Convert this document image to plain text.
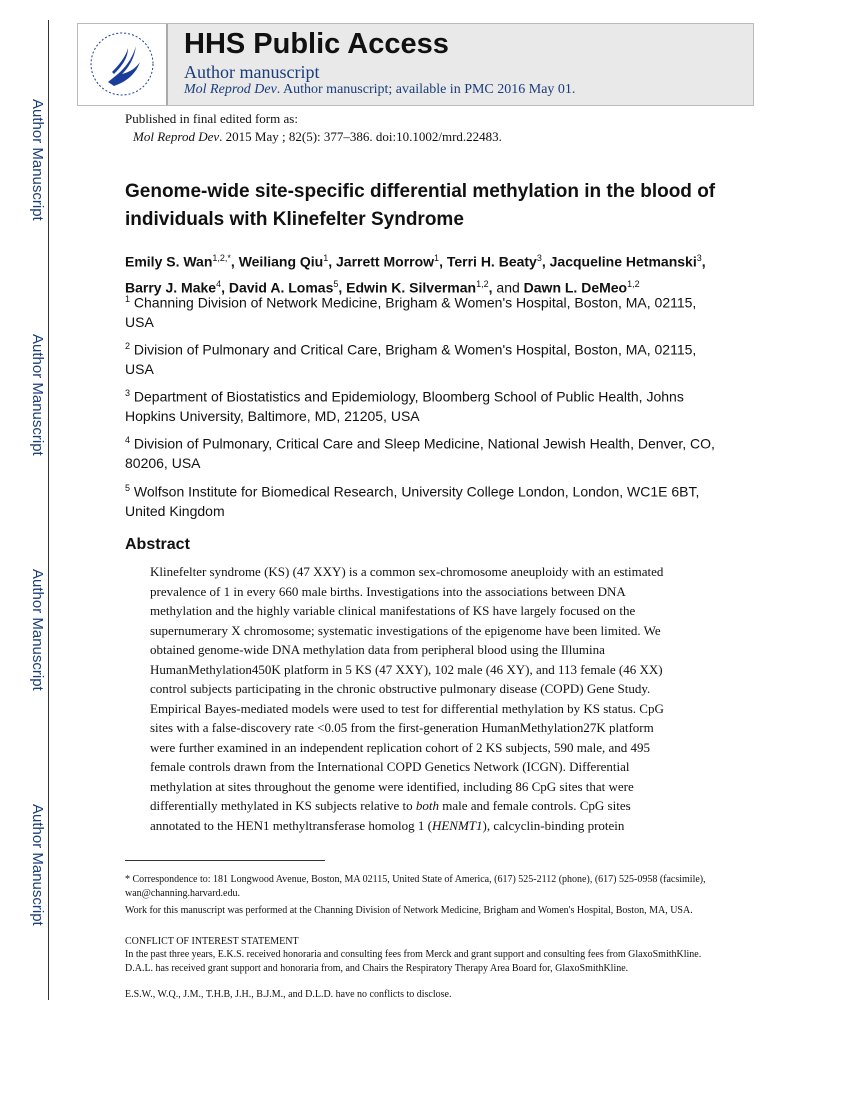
Author Manuscript
Author Manuscript
Author Manuscript
Author Manuscript
HHS Public Access
Author manuscript
Mol Reprod Dev. Author manuscript; available in PMC 2016 May 01.
Published in final edited form as:
Mol Reprod Dev. 2015 May ; 82(5): 377–386. doi:10.1002/mrd.22483.
Genome-wide site-specific differential methylation in the blood of individuals with Klinefelter Syndrome
Emily S. Wan$^{1,2,*}$, Weiliang Qiu$^1$, Jarrett Morrow$^1$, Terri H. Beaty$^3$, Jacqueline Hetmanski$^3$,
Barry J. Make$^4$, David A. Lomas$^5$, Edwin K. Silverman$^{1,2}$, and Dawn L. DeMeo$^{1,2}$
$^1$ Channing Division of Network Medicine, Brigham & Women's Hospital, Boston, MA, 02115, USA
$^2$ Division of Pulmonary and Critical Care, Brigham & Women's Hospital, Boston, MA, 02115, USA
$^3$ Department of Biostatistics and Epidemiology, Bloomberg School of Public Health, Johns Hopkins University, Baltimore, MD, 21205, USA
$^4$ Division of Pulmonary, Critical Care and Sleep Medicine, National Jewish Health, Denver, CO, 80206, USA
$^5$ Wolfson Institute for Biomedical Research, University College London, London, WC1E 6BT, United Kingdom
Abstract
Klinefelter syndrome (KS) (47 XXY) is a common sex-chromosome aneuploidy with an estimated
prevalence of 1 in every 660 male births. Investigations into the associations between DNA
methylation and the highly variable clinical manifestations of KS have largely focused on the
supernumerary X chromosome; systematic investigations of the epigenome have been limited. We
obtained genome-wide DNA methylation data from peripheral blood using the Illumina
HumanMethylation450K platform in 5 KS (47 XXY), 102 male (46 XY), and 113 female (46 XX)
control subjects participating in the chronic obstructive pulmonary disease (COPD) Gene Study.
Empirical Bayes-mediated models were used to test for differential methylation by KS status. CpG
sites with a false-discovery rate <0.05 from the first-generation HumanMethylation27K platform
were further examined in an independent replication cohort of 2 KS subjects, 590 male, and 495
female controls drawn from the International COPD Genetics Network (ICGN). Differential
methylation at sites throughout the genome were identified, including 86 CpG sites that were
differentially methylated in KS subjects relative to both male and female controls. CpG sites
annotated to the HEN1 methyltransferase homolog 1 (HENMT1), calcyclin-binding protein
* Correspondence to: 181 Longwood Avenue, Boston, MA 02115, United State of America, (617) 525-2112 (phone), (617) 525-0958 (facsimile), wan@channing.harvard.edu.
Work for this manuscript was performed at the Channing Division of Network Medicine, Brigham and Women's Hospital, Boston, MA, USA.
CONFLICT OF INTEREST STATEMENT
In the past three years, E.K.S. received honoraria and consulting fees from Merck and grant support and consulting fees from GlaxoSmithKline. D.A.L. has received grant support and honoraria from, and Chairs the Respiratory Therapy Area Board for, GlaxoSmithKline.
E.S.W., W.Q., J.M., T.H.B, J.H., B.J.M., and D.L.D. have no conflicts to disclose.
